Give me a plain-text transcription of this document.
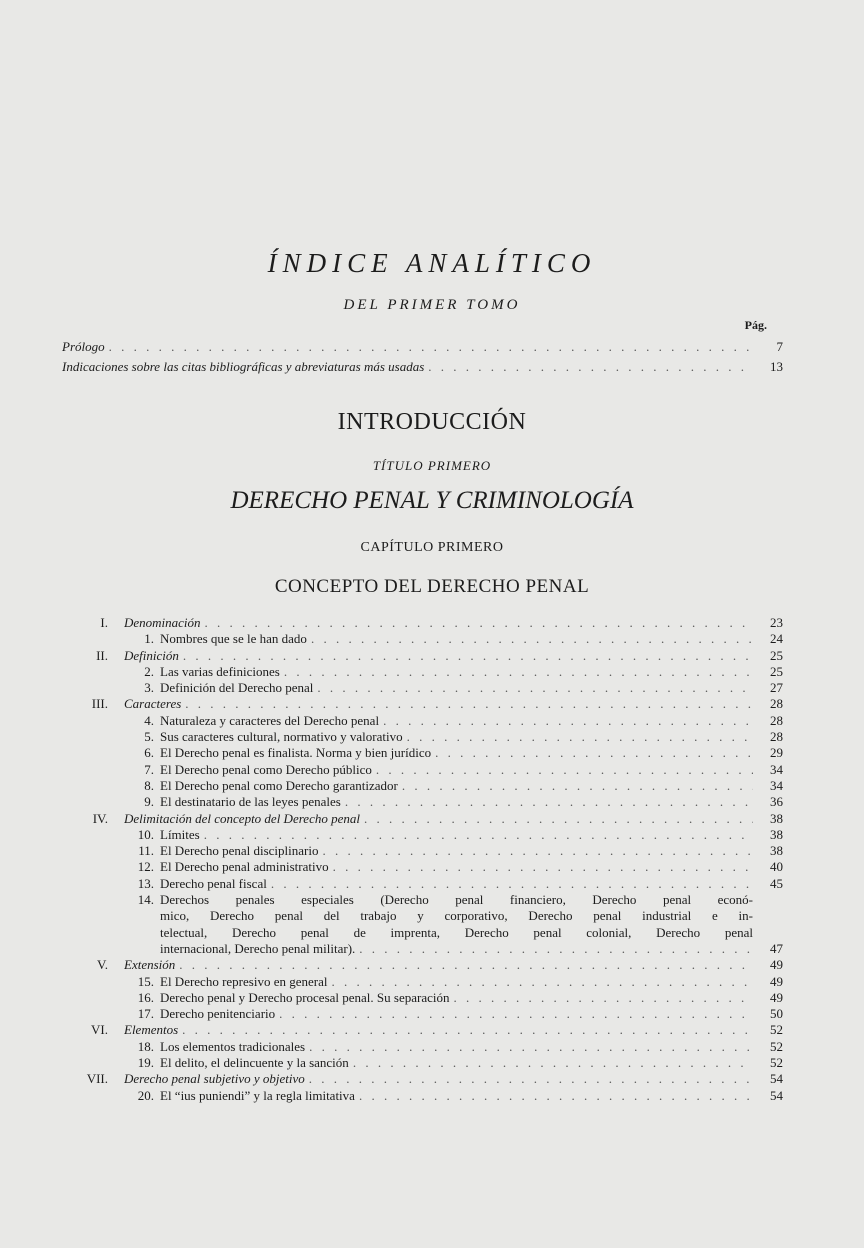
ÍNDICE ANALÍTICO
DEL PRIMER TOMO
Pág.
Prólogo . . .	7
Indicaciones sobre las citas bibliográficas y abreviaturas más usadas . . .	13
INTRODUCCIÓN
TÍTULO PRIMERO
DERECHO PENAL Y CRIMINOLOGÍA
CAPÍTULO PRIMERO
CONCEPTO DEL DERECHO PENAL
I. Denominación . . .	23
1. Nombres que se le han dado . . .	24
II. Definición . . .	25
2. Las varias definiciones . . .	25
3. Definición del Derecho penal . . .	27
III. Caracteres . . .	28
4. Naturaleza y caracteres del Derecho penal . . .	28
5. Sus caracteres cultural, normativo y valorativo . . .	28
6. El Derecho penal es finalista. Norma y bien jurídico . . .	29
7. El Derecho penal como Derecho público . . .	34
8. El Derecho penal como Derecho garantizador . . .	34
9. El destinatario de las leyes penales . . .	36
IV. Delimitación del concepto del Derecho penal . . .	38
10. Límites . . .	38
11. El Derecho penal disciplinario . . .	38
12. El Derecho penal administrativo . . .	40
13. Derecho penal fiscal . . .	45
14. Derechos penales especiales (Derecho penal financiero, Derecho penal econó-
mico, Derecho penal del trabajo y corporativo, Derecho penal industrial e in-
telectual, Derecho penal de imprenta, Derecho penal colonial, Derecho penal
internacional, Derecho penal militar). . . .	47
V. Extensión . . .	49
15. El Derecho represivo en general . . .	49
16. Derecho penal y Derecho procesal penal. Su separación . . .	49
17. Derecho penitenciario . . .	50
VI. Elementos . . .	52
18. Los elementos tradicionales . . .	52
19. El delito, el delincuente y la sanción . . .	52
VII. Derecho penal subjetivo y objetivo . . .	54
20. El “ius puniendi” y la regla limitativa . . .	54
